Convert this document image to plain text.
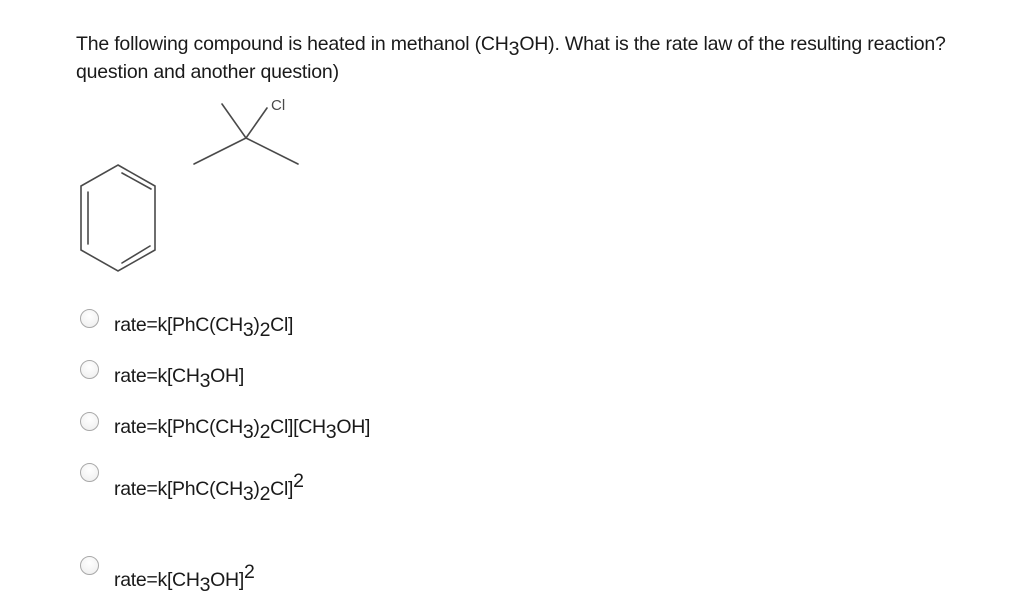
The following compound is heated in methanol (CH3OH). What is the rate law of the resulting reaction?
question and another question)
Cl
rate=k[PhC(CH3)2Cl]
rate=k[CH3OH]
rate=k[PhC(CH3)2Cl][CH3OH]
rate=k[PhC(CH3)2Cl]2
rate=k[CH3OH]2
